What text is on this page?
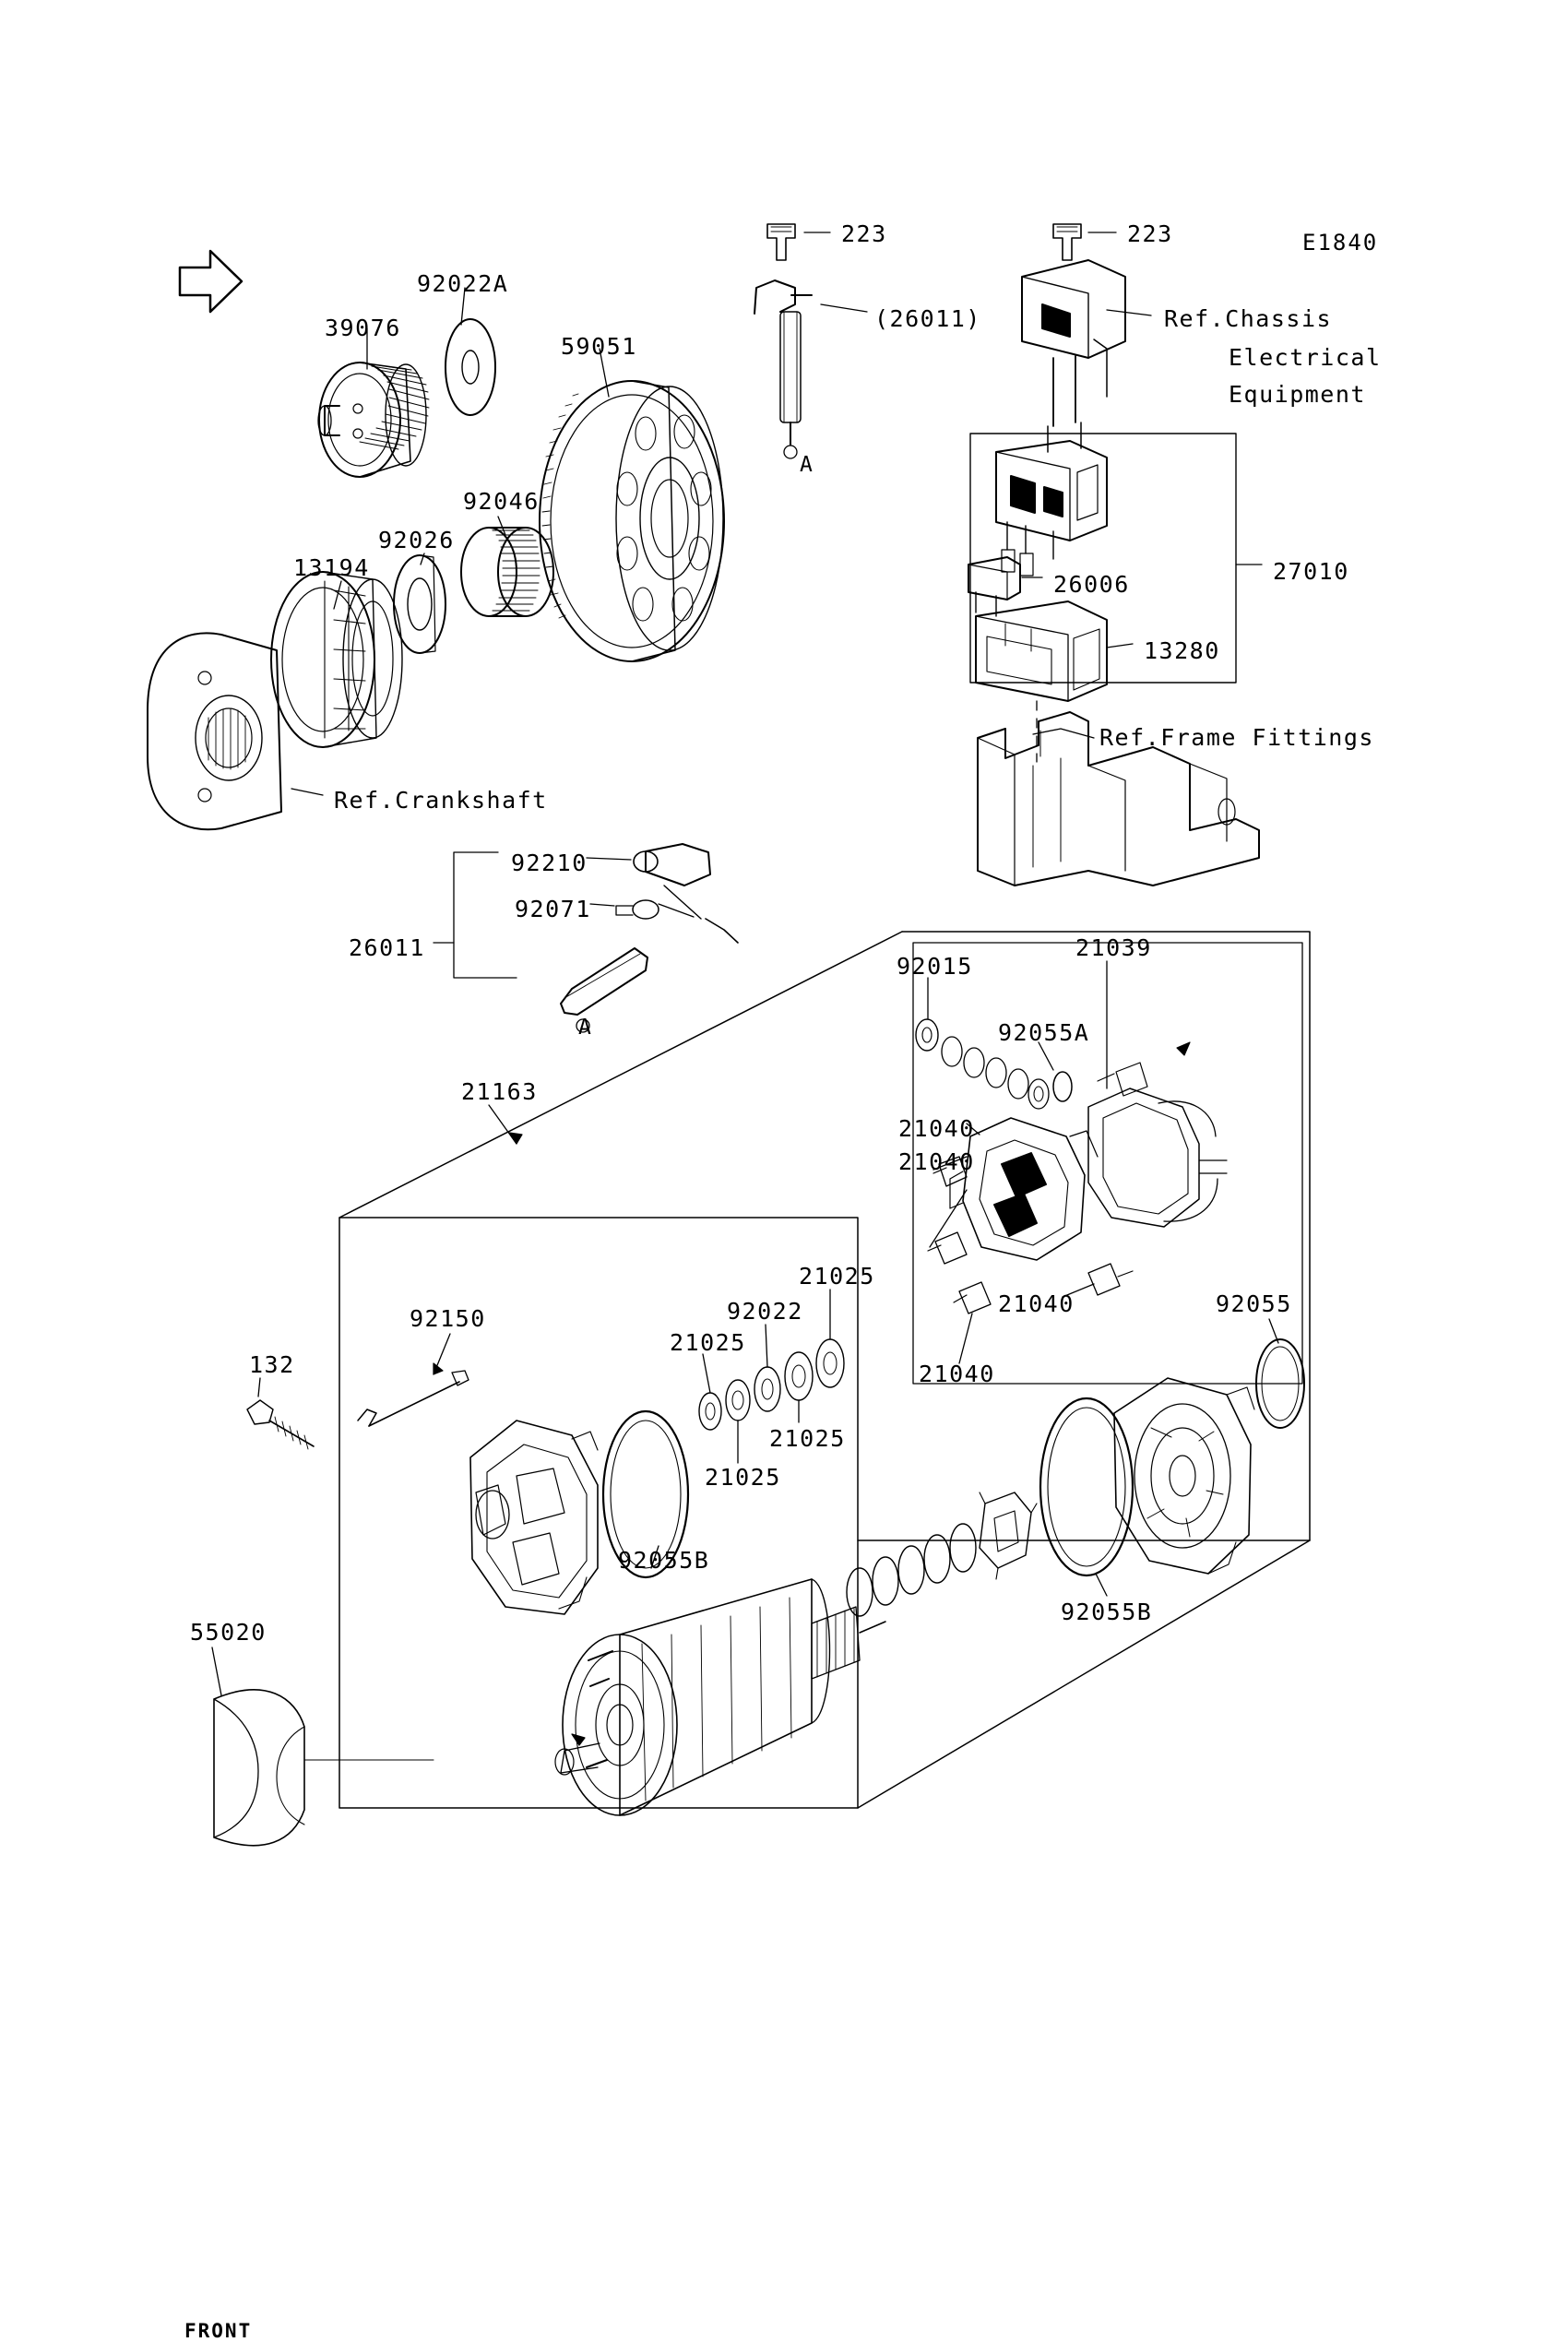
FRONT
E1840
39076
92022A
59051
223	223
(26011)	Ref.Chassis
Electrical
Equipment
92046
92026
13194
26006	27010
13280
Ref.Frame Fittings
Ref.Crankshaft
92210
92071
26011
92015
21039
92055A
21163
21040
21040
21025
92022
92150
21025
21040	92055
132
21025
21040
21025
92055B
92055B
55020
A
A
